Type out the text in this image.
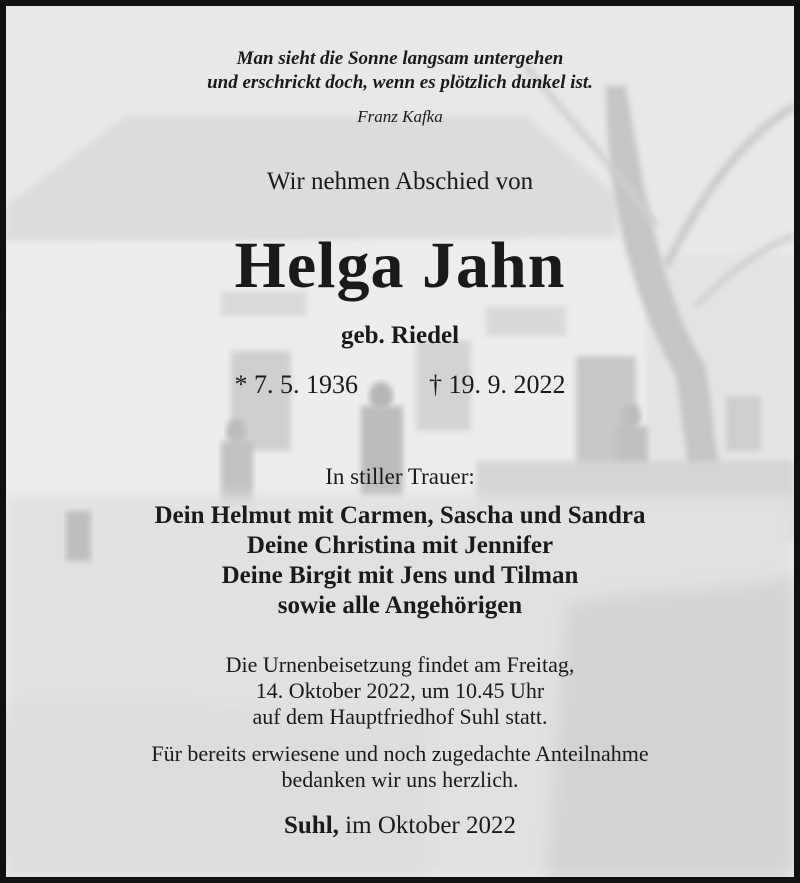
Man sieht die Sonne langsam untergehen
und erschrickt doch, wenn es plötzlich dunkel ist.
Franz Kafka
Wir nehmen Abschied von
Helga Jahn
geb. Riedel
* 7. 5. 1936	† 19. 9. 2022
In stiller Trauer:
Dein Helmut mit Carmen, Sascha und Sandra
Deine Christina mit Jennifer
Deine Birgit mit Jens und Tilman
sowie alle Angehörigen
Die Urnenbeisetzung findet am Freitag,
14. Oktober 2022, um 10.45 Uhr
auf dem Hauptfriedhof Suhl statt.
Für bereits erwiesene und noch zugedachte Anteilnahme
bedanken wir uns herzlich.
Suhl, im Oktober 2022
